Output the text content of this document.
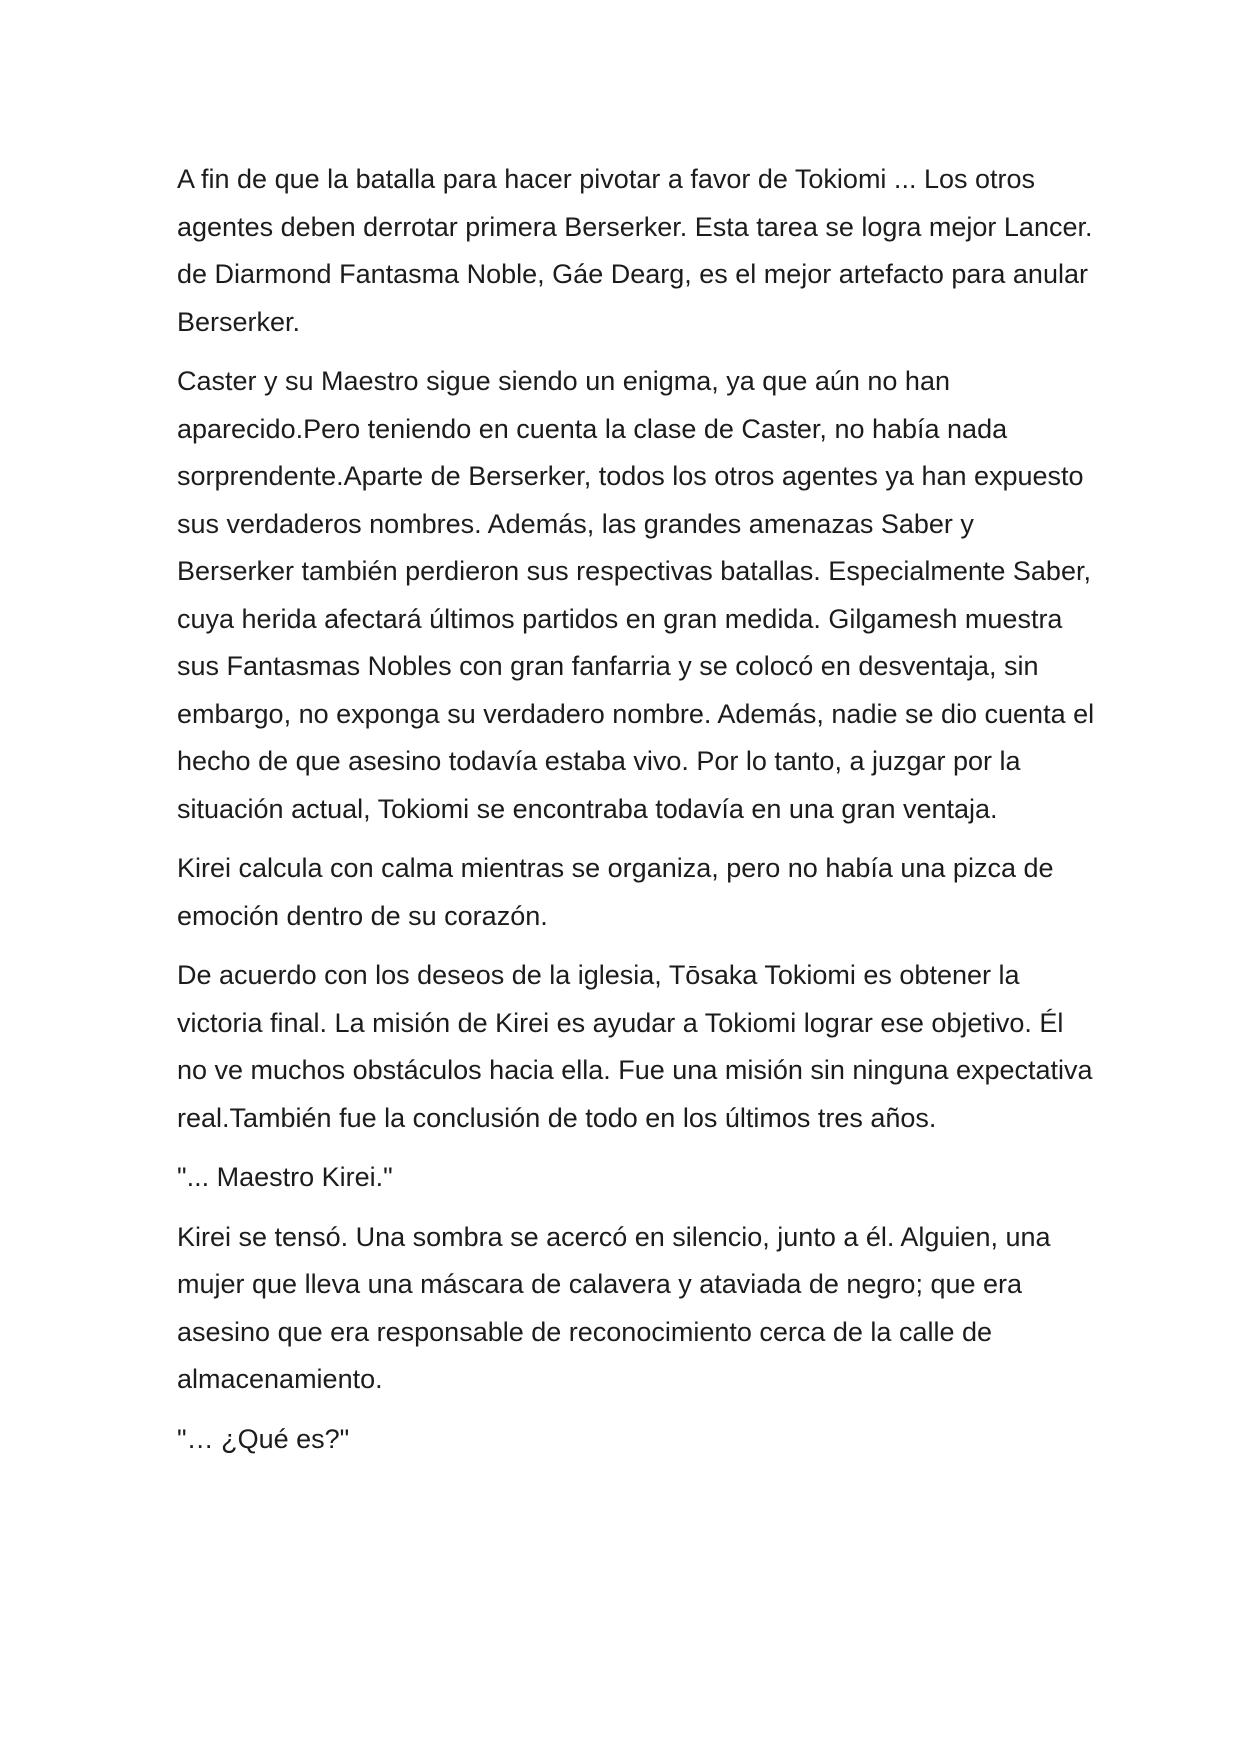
A fin de que la batalla para hacer pivotar a favor de Tokiomi ... Los otros agentes deben derrotar primera Berserker. Esta tarea se logra mejor Lancer. de Diarmond Fantasma Noble, Gáe Dearg, es el mejor artefacto para anular Berserker.

Caster y su Maestro sigue siendo un enigma, ya que aún no han aparecido.Pero teniendo en cuenta la clase de Caster, no había nada sorprendente.Aparte de Berserker, todos los otros agentes ya han expuesto sus verdaderos nombres. Además, las grandes amenazas Saber y Berserker también perdieron sus respectivas batallas. Especialmente Saber, cuya herida afectará últimos partidos en gran medida. Gilgamesh muestra sus Fantasmas Nobles con gran fanfarria y se colocó en desventaja, sin embargo, no exponga su verdadero nombre. Además, nadie se dio cuenta el hecho de que asesino todavía estaba vivo. Por lo tanto, a juzgar por la situación actual, Tokiomi se encontraba todavía en una gran ventaja.

Kirei calcula con calma mientras se organiza, pero no había una pizca de emoción dentro de su corazón.

De acuerdo con los deseos de la iglesia, Tōsaka Tokiomi es obtener la victoria final. La misión de Kirei es ayudar a Tokiomi lograr ese objetivo. Él no ve muchos obstáculos hacia ella. Fue una misión sin ninguna expectativa real.También fue la conclusión de todo en los últimos tres años.

"... Maestro Kirei."

Kirei se tensó. Una sombra se acercó en silencio, junto a él. Alguien, una mujer que lleva una máscara de calavera y ataviada de negro; que era asesino que era responsable de reconocimiento cerca de la calle de almacenamiento.

"… ¿Qué es?"
